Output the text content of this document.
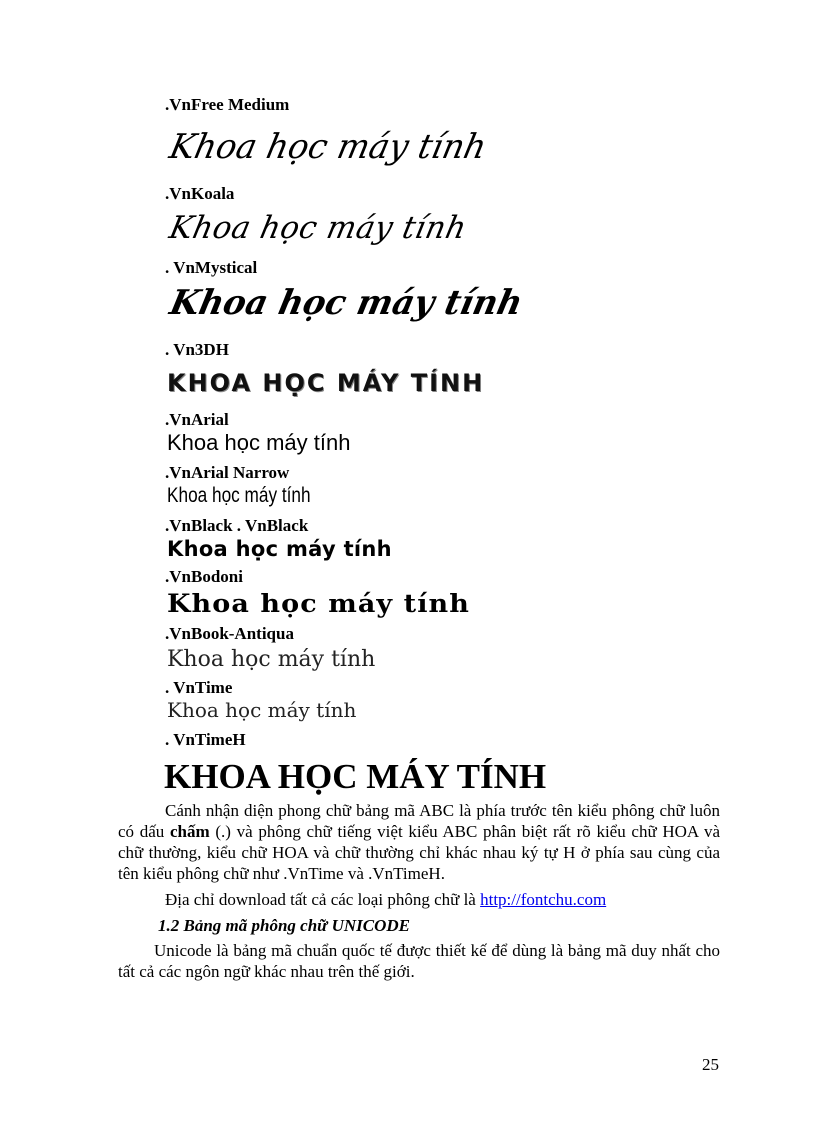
.VnFree Medium
Khoa học máy tính
.VnKoala
Khoa học máy tính
. VnMystical
Khoa học máy tính
. Vn3DH
KHOA HỌC MÁY TÍNH
.VnArial
Khoa học máy tính
.VnArial Narrow
Khoa học máy tính
.VnBlack . VnBlack
Khoa học máy tính
.VnBodoni
Khoa học máy tính
.VnBook-Antiqua
Khoa học máy tính
. VnTime
Khoa học máy tính
. VnTimeH
KHOA HỌC MÁY TÍNH
Cánh nhận diện phong chữ bảng mã ABC là phía trước tên kiểu phông chữ luôn có dấu chấm (.) và phông chữ tiếng việt kiểu ABC phân biệt rất rõ kiểu chữ HOA và chữ thường, kiểu chữ HOA và chữ thường chỉ khác nhau ký tự H ở phía sau cùng của tên kiểu phông chữ như .VnTime và .VnTimeH.
Địa chỉ download tất cả các loại phông chữ là http://fontchu.com
1.2 Bảng mã phông chữ UNICODE
Unicode là bảng mã chuẩn quốc tế được thiết kế để dùng là bảng mã duy nhất cho tất cả các ngôn ngữ khác nhau trên thế giới.
25
